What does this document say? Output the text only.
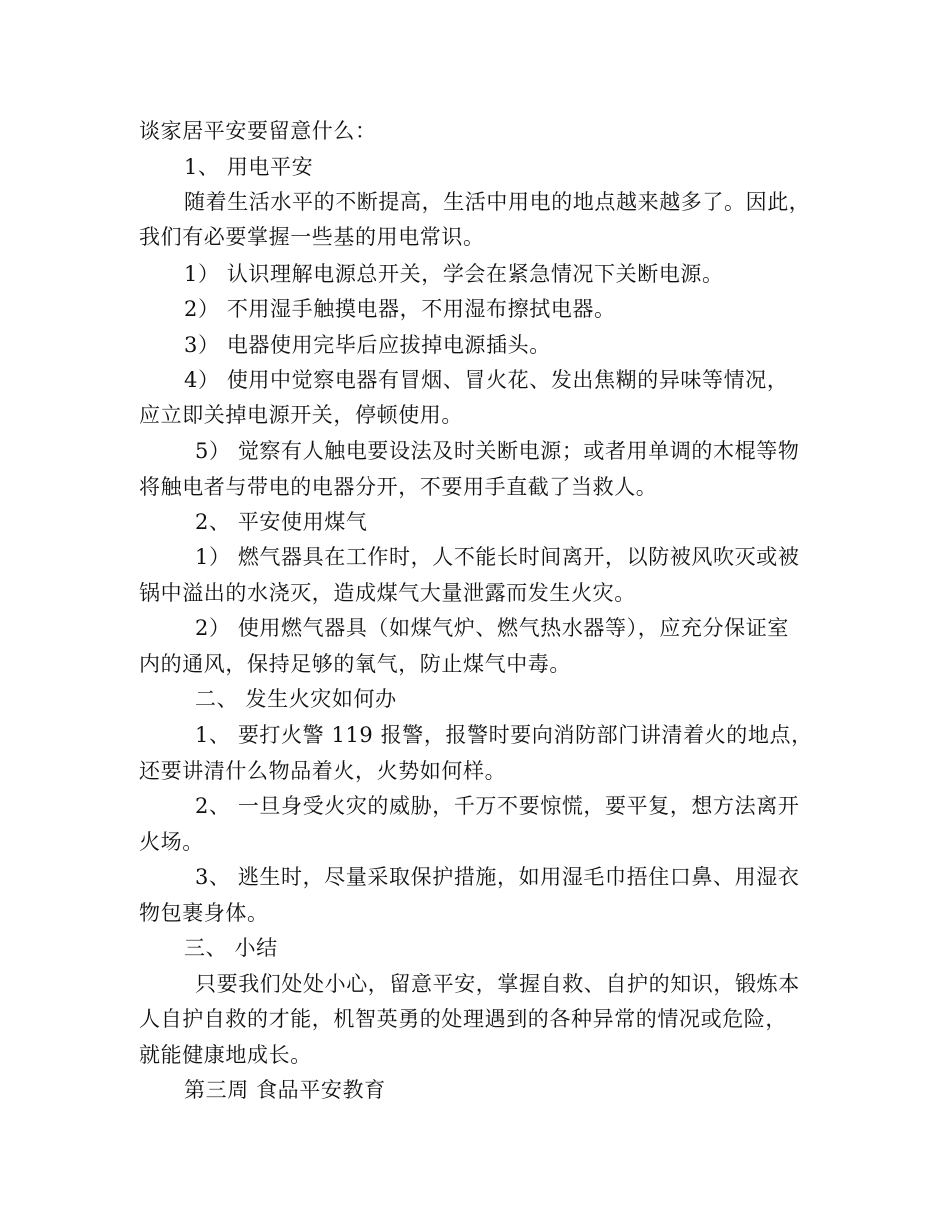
谈家居平安要留意什么：
1、 用电平安
随着生活水平的不断提高，生活中用电的地点越来越多了。因此，
我们有必要掌握一些基的用电常识。
1） 认识理解电源总开关，学会在紧急情况下关断电源。
2） 不用湿手触摸电器，不用湿布擦拭电器。
3） 电器使用完毕后应拔掉电源插头。
4） 使用中觉察电器有冒烟、冒火花、发出焦糊的异味等情况，
应立即关掉电源开关，停顿使用。
5） 觉察有人触电要设法及时关断电源；或者用单调的木棍等物
将触电者与带电的电器分开，不要用手直截了当救人。
2、 平安使用煤气
1） 燃气器具在工作时，人不能长时间离开，以防被风吹灭或被
锅中溢出的水浇灭，造成煤气大量泄露而发生火灾。
2） 使用燃气器具（如煤气炉、燃气热水器等），应充分保证室
内的通风，保持足够的氧气，防止煤气中毒。
二、 发生火灾如何办
1、 要打火警 119 报警，报警时要向消防部门讲清着火的地点，
还要讲清什么物品着火，火势如何样。
2、 一旦身受火灾的威胁，千万不要惊慌，要平复，想方法离开
火场。
3、 逃生时，尽量采取保护措施，如用湿毛巾捂住口鼻、用湿衣
物包裹身体。
三、 小结
只要我们处处小心，留意平安，掌握自救、自护的知识，锻炼本
人自护自救的才能，机智英勇的处理遇到的各种异常的情况或危险，
就能健康地成长。
第三周 食品平安教育
